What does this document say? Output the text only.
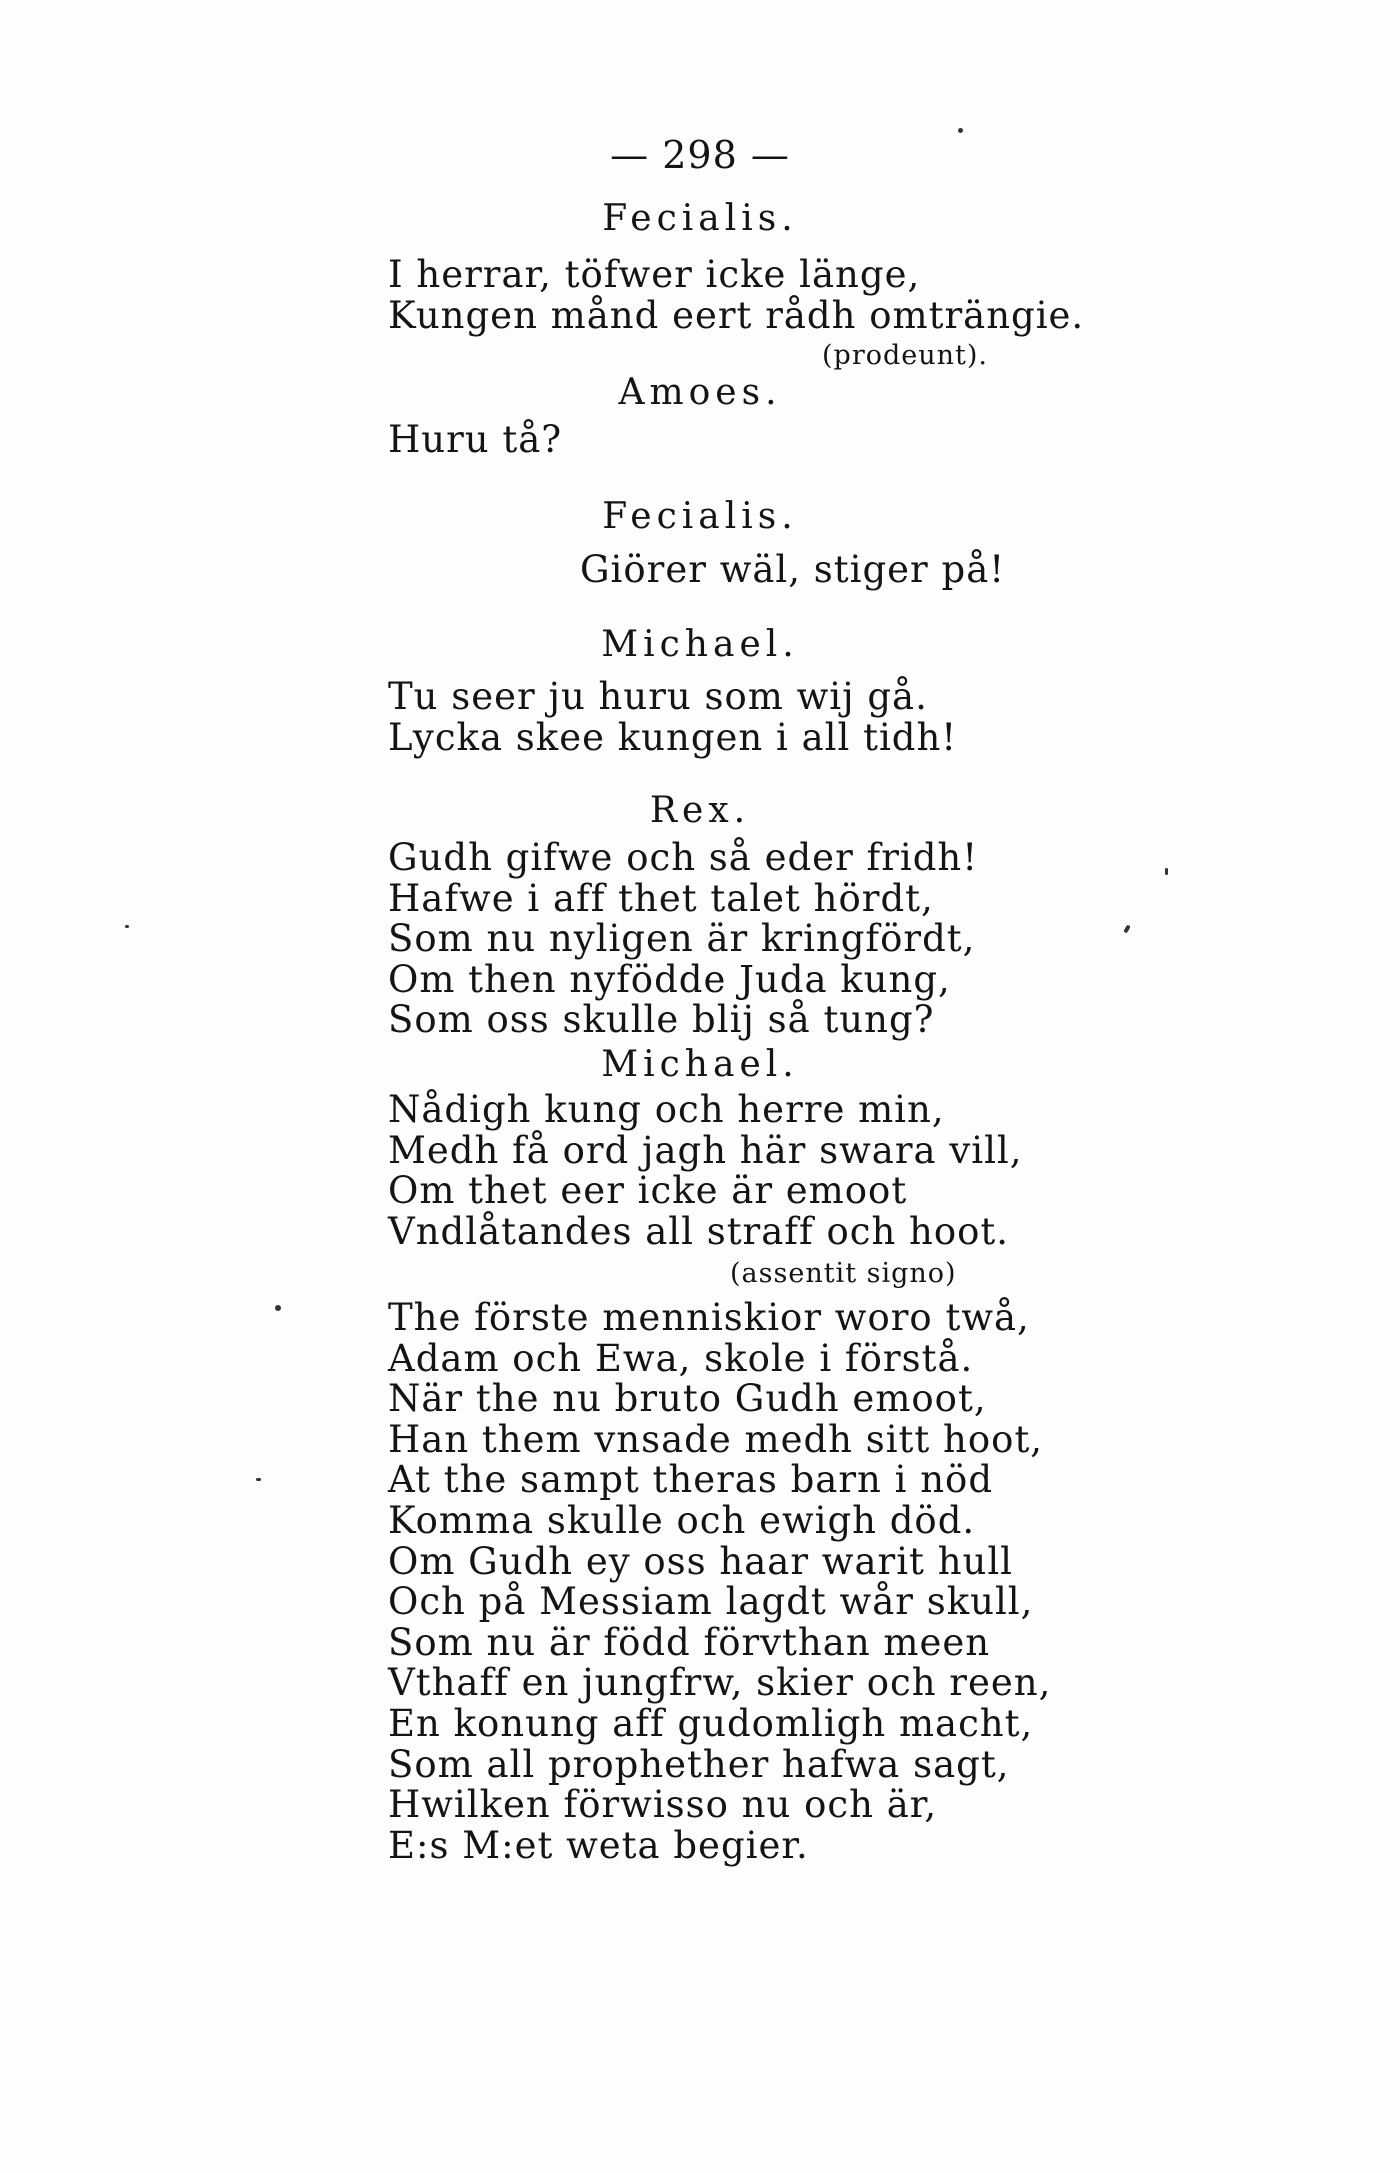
— 298 —
Fecialis.
I herrar, töfwer icke länge,
Kungen månd eert rådh omträngie.
(prodeunt).
Amoes.
Huru tå?
Fecialis.
Giörer wäl, stiger på!
Michael.
Tu seer ju huru som wij gå.
Lycka skee kungen i all tidh!
Rex.
Gudh gifwe och så eder fridh!
Hafwe i aff thet talet hördt,
Som nu nyligen är kringfördt,
Om then nyfödde Juda kung,
Som oss skulle blij så tung?
Michael.
Nådigh kung och herre min,
Medh få ord jagh här swara vill,
Om thet eer icke är emoot
Vndlåtandes all straff och hoot.
(assentit signo)
The förste menniskior woro twå,
Adam och Ewa, skole i förstå.
När the nu bruto Gudh emoot,
Han them vnsade medh sitt hoot,
At the sampt theras barn i nöd
Komma skulle och ewigh död.
Om Gudh ey oss haar warit hull
Och på Messiam lagdt wår skull,
Som nu är född förvthan meen
Vthaff en jungfrw, skier och reen,
En konung aff gudomligh macht,
Som all prophether hafwa sagt,
Hwilken förwisso nu och är,
E:s M:et weta begier.
